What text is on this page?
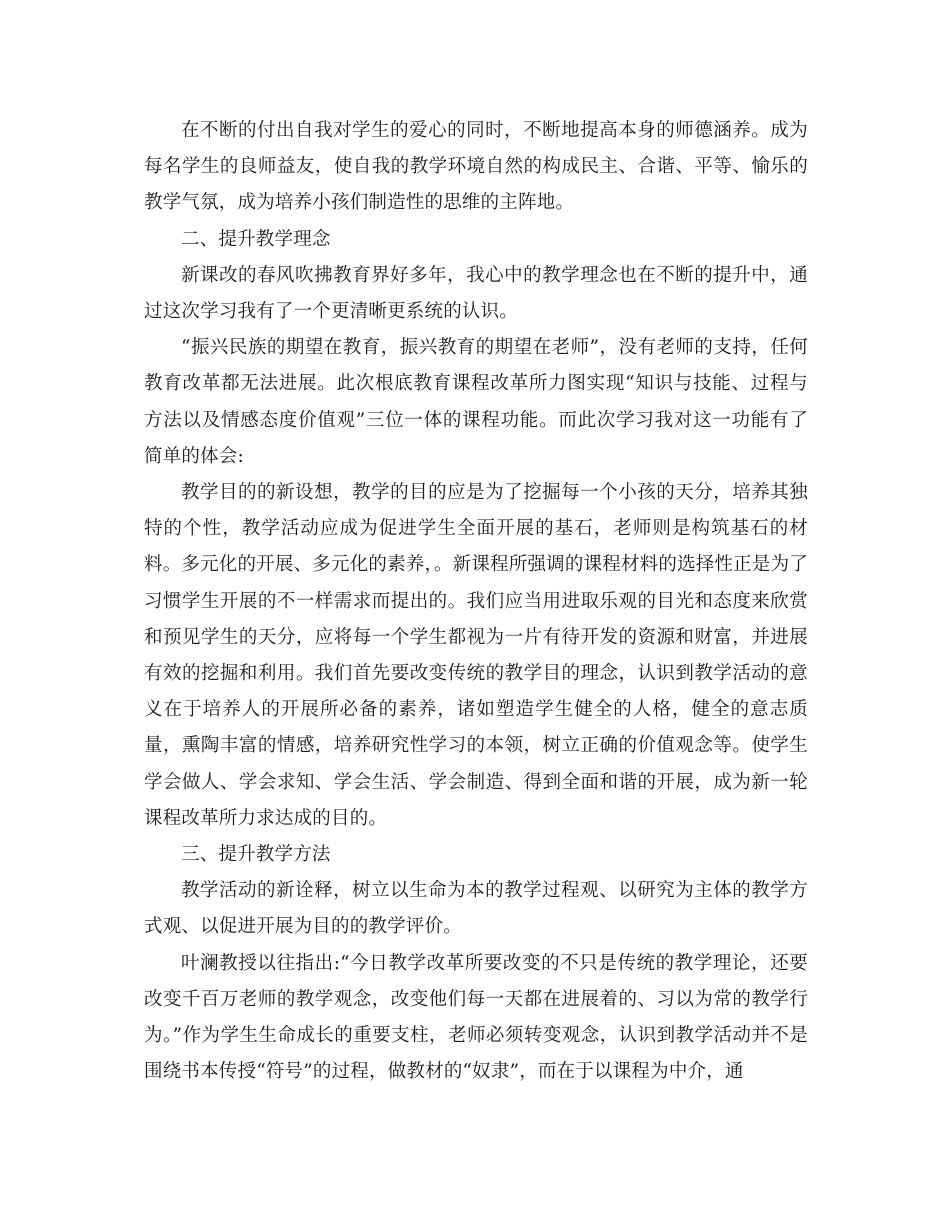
在不断的付出自我对学生的爱心的同时，不断地提高本身的师德涵养。成为每名学生的良师益友，使自我的教学环境自然的构成民主、合谐、平等、愉乐的教学气氛，成为培养小孩们制造性的思维的主阵地。

二、提升教学理念

新课改的春风吹拂教育界好多年，我心中的教学理念也在不断的提升中，通过这次学习我有了一个更清晰更系统的认识。

“振兴民族的期望在教育，振兴教育的期望在老师”，没有老师的支持，任何教育改革都无法进展。此次根底教育课程改革所力图实现“知识与技能、过程与方法以及情感态度价值观”三位一体的课程功能。而此次学习我对这一功能有了简单的体会:

教学目的的新设想，教学的目的应是为了挖掘每一个小孩的天分，培养其独特的个性，教学活动应成为促进学生全面开展的基石，老师则是构筑基石的材料。多元化的开展、多元化的素养，。新课程所强调的课程材料的选择性正是为了习惯学生开展的不一样需求而提出的。我们应当用进取乐观的目光和态度来欣赏和预见学生的天分，应将每一个学生都视为一片有待开发的资源和财富，并进展有效的挖掘和利用。我们首先要改变传统的教学目的理念，认识到教学活动的意义在于培养人的开展所必备的素养，诸如塑造学生健全的人格，健全的意志质量，熏陶丰富的情感，培养研究性学习的本领，树立正确的价值观念等。使学生学会做人、学会求知、学会生活、学会制造、得到全面和谐的开展，成为新一轮课程改革所力求达成的目的。

三、提升教学方法

教学活动的新诠释，树立以生命为本的教学过程观、以研究为主体的教学方式观、以促进开展为目的的教学评价。

叶澜教授以往指出:“今日教学改革所要改变的不只是传统的教学理论，还要改变千百万老师的教学观念，改变他们每一天都在进展着的、习以为常的教学行为。”作为学生生命成长的重要支柱，老师必须转变观念，认识到教学活动并不是围绕书本传授“符号”的过程，做教材的“奴隶”，而在于以课程为中介，通
